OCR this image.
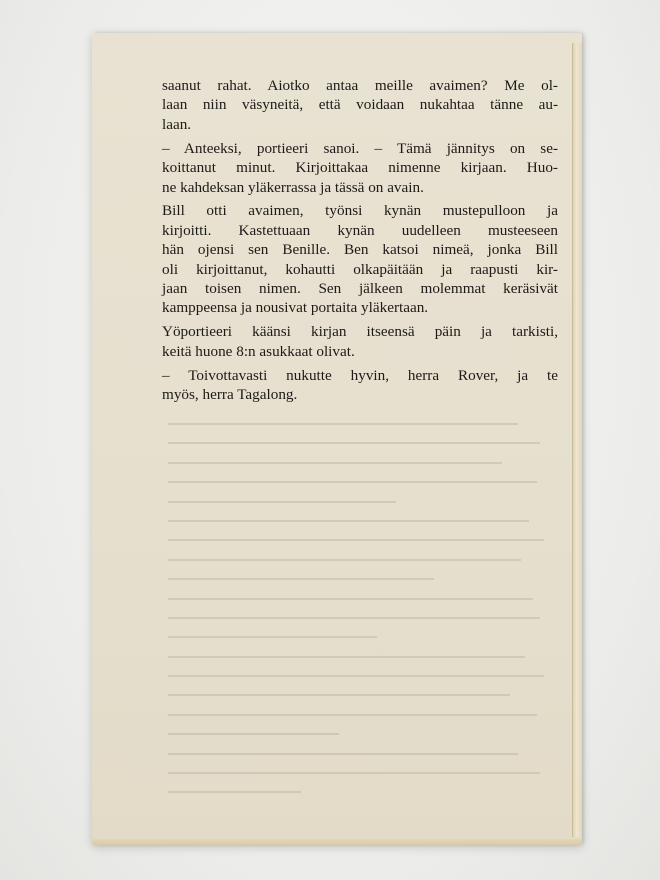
saanut rahat. Aiotko antaa meille avaimen? Me ol-
laan niin väsyneitä, että voidaan nukahtaa tänne au-
laan.

– Anteeksi, portieeri sanoi. – Tämä jännitys on se-
koittanut minut. Kirjoittakaa nimenne kirjaan. Huo-
ne kahdeksan yläkerrassa ja tässä on avain.

Bill otti avaimen, työnsi kynän mustepulloon ja
kirjoitti. Kastettuaan kynän uudelleen musteeseen
hän ojensi sen Benille. Ben katsoi nimeä, jonka Bill
oli kirjoittanut, kohautti olkapäitään ja raapusti kir-
jaan toisen nimen. Sen jälkeen molemmat keräsivät
kamppeensa ja nousivat portaita yläkertaan.

Yöportieeri käänsi kirjan itseensä päin ja tarkisti,
keitä huone 8:n asukkaat olivat.

– Toivottavasti nukutte hyvin, herra Rover, ja te
myös, herra Tagalong.
